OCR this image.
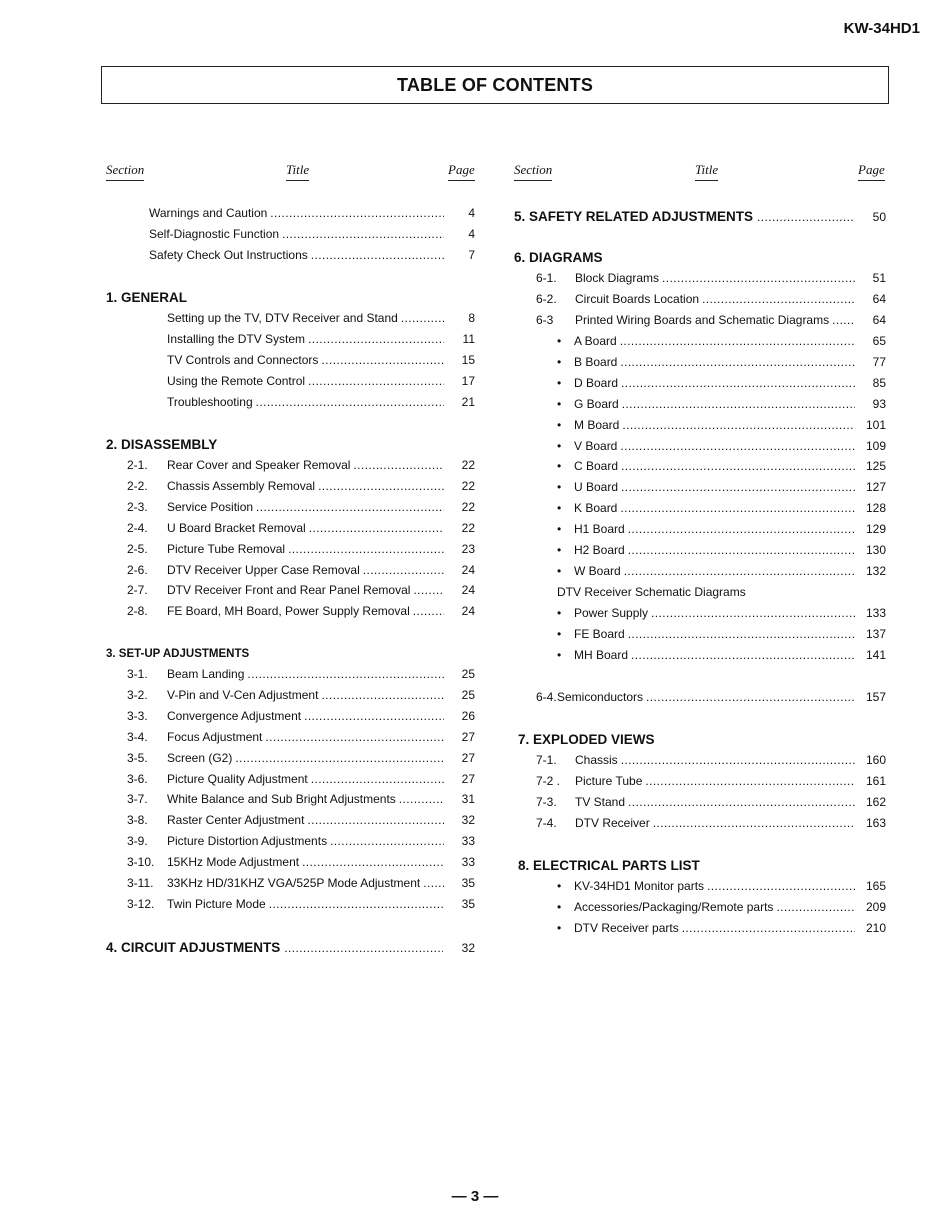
KW-34HD1
TABLE OF CONTENTS
Section	Title	Page	Section	Title	Page
Warnings and Caution .....	4
Self-Diagnostic Function .....	4
Safety Check Out Instructions .....	7
1. GENERAL
Setting up the TV, DTV Receiver and Stand .....	8
Installing the DTV System .....	11
TV Controls and Connectors .....	15
Using the Remote Control .....	17
Troubleshooting .....	21
2. DISASSEMBLY
2-1.	Rear Cover and Speaker Removal .....	22
2-2.	Chassis Assembly Removal .....	22
2-3.	Service Position .....	22
2-4.	U Board Bracket Removal .....	22
2-5.	Picture Tube Removal .....	23
2-6.	DTV Receiver Upper Case Removal .....	24
2-7.	DTV Receiver Front and Rear Panel Removal .....	24
2-8.	FE Board, MH Board, Power Supply Removal .....	24
3. SET-UP ADJUSTMENTS
3-1.	Beam Landing .....	25
3-2.	V-Pin and V-Cen Adjustment .....	25
3-3.	Convergence Adjustment .....	26
3-4.	Focus Adjustment .....	27
3-5.	Screen (G2) .....	27
3-6.	Picture Quality Adjustment .....	27
3-7.	White Balance and Sub Bright Adjustments .....	31
3-8.	Raster Center Adjustment .....	32
3-9.	Picture Distortion Adjustments .....	33
3-10.	15KHz Mode Adjustment .....	33
3-11.	33KHz HD/31KHZ VGA/525P Mode Adjustment .....	35
3-12.	Twin Picture Mode .....	35
4. CIRCUIT ADJUSTMENTS .....	32
5. SAFETY RELATED ADJUSTMENTS .....	50
6. DIAGRAMS
6-1.	Block Diagrams .....	51
6-2.	Circuit Boards Location .....	64
6-3	Printed Wiring Boards and Schematic Diagrams .....	64
•	A Board .....	65
•	B Board .....	77
•	D Board .....	85
•	G Board .....	93
•	M Board .....	101
•	V Board .....	109
•	C Board .....	125
•	U Board .....	127
•	K Board .....	128
•	H1 Board .....	129
•	H2 Board .....	130
•	W Board .....	132
DTV Receiver Schematic Diagrams
•	Power Supply .....	133
•	FE Board .....	137
•	MH Board .....	141
6-4. Semiconductors .....	157
7. EXPLODED VIEWS
7-1.	Chassis .....	160
7-2 .	Picture Tube .....	161
7-3.	TV Stand .....	162
7-4.	DTV Receiver .....	163
8. ELECTRICAL PARTS LIST
•	KV-34HD1 Monitor parts .....	165
•	Accessories/Packaging/Remote parts .....	209
•	DTV Receiver parts .....	210
— 3 —
